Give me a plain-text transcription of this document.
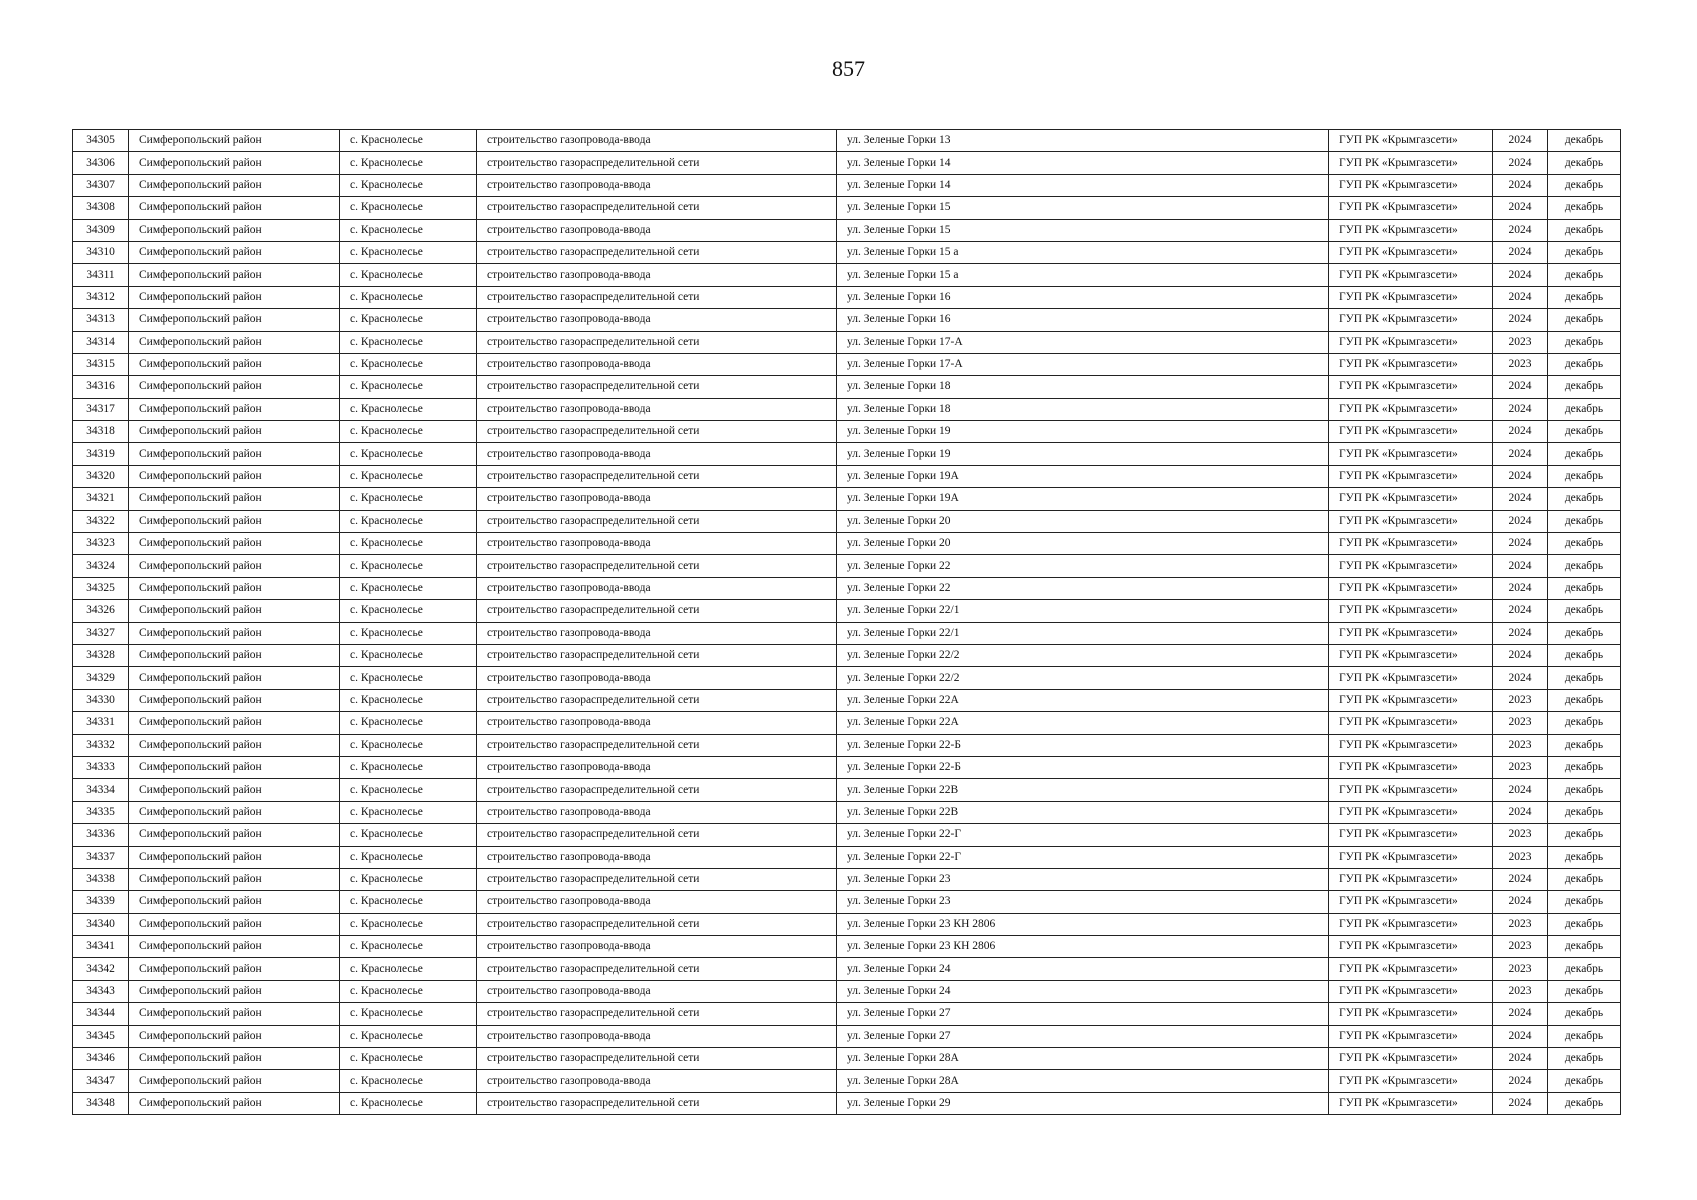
857
34305	Симферопольский район	с. Краснолесье	строительство газопровода-ввода	ул. Зеленые Горки 13	ГУП РК «Крымгазсети»	2024	декабрь
34306	Симферопольский район	с. Краснолесье	строительство газораспределительной сети	ул. Зеленые Горки 14	ГУП РК «Крымгазсети»	2024	декабрь
34307	Симферопольский район	с. Краснолесье	строительство газопровода-ввода	ул. Зеленые Горки 14	ГУП РК «Крымгазсети»	2024	декабрь
34308	Симферопольский район	с. Краснолесье	строительство газораспределительной сети	ул. Зеленые Горки 15	ГУП РК «Крымгазсети»	2024	декабрь
34309	Симферопольский район	с. Краснолесье	строительство газопровода-ввода	ул. Зеленые Горки 15	ГУП РК «Крымгазсети»	2024	декабрь
34310	Симферопольский район	с. Краснолесье	строительство газораспределительной сети	ул. Зеленые Горки 15 а	ГУП РК «Крымгазсети»	2024	декабрь
34311	Симферопольский район	с. Краснолесье	строительство газопровода-ввода	ул. Зеленые Горки 15 а	ГУП РК «Крымгазсети»	2024	декабрь
34312	Симферопольский район	с. Краснолесье	строительство газораспределительной сети	ул. Зеленые Горки 16	ГУП РК «Крымгазсети»	2024	декабрь
34313	Симферопольский район	с. Краснолесье	строительство газопровода-ввода	ул. Зеленые Горки 16	ГУП РК «Крымгазсети»	2024	декабрь
34314	Симферопольский район	с. Краснолесье	строительство газораспределительной сети	ул. Зеленые Горки 17-А	ГУП РК «Крымгазсети»	2023	декабрь
34315	Симферопольский район	с. Краснолесье	строительство газопровода-ввода	ул. Зеленые Горки 17-А	ГУП РК «Крымгазсети»	2023	декабрь
34316	Симферопольский район	с. Краснолесье	строительство газораспределительной сети	ул. Зеленые Горки 18	ГУП РК «Крымгазсети»	2024	декабрь
34317	Симферопольский район	с. Краснолесье	строительство газопровода-ввода	ул. Зеленые Горки 18	ГУП РК «Крымгазсети»	2024	декабрь
34318	Симферопольский район	с. Краснолесье	строительство газораспределительной сети	ул. Зеленые Горки 19	ГУП РК «Крымгазсети»	2024	декабрь
34319	Симферопольский район	с. Краснолесье	строительство газопровода-ввода	ул. Зеленые Горки 19	ГУП РК «Крымгазсети»	2024	декабрь
34320	Симферопольский район	с. Краснолесье	строительство газораспределительной сети	ул. Зеленые Горки 19А	ГУП РК «Крымгазсети»	2024	декабрь
34321	Симферопольский район	с. Краснолесье	строительство газопровода-ввода	ул. Зеленые Горки 19А	ГУП РК «Крымгазсети»	2024	декабрь
34322	Симферопольский район	с. Краснолесье	строительство газораспределительной сети	ул. Зеленые Горки 20	ГУП РК «Крымгазсети»	2024	декабрь
34323	Симферопольский район	с. Краснолесье	строительство газопровода-ввода	ул. Зеленые Горки 20	ГУП РК «Крымгазсети»	2024	декабрь
34324	Симферопольский район	с. Краснолесье	строительство газораспределительной сети	ул. Зеленые Горки 22	ГУП РК «Крымгазсети»	2024	декабрь
34325	Симферопольский район	с. Краснолесье	строительство газопровода-ввода	ул. Зеленые Горки 22	ГУП РК «Крымгазсети»	2024	декабрь
34326	Симферопольский район	с. Краснолесье	строительство газораспределительной сети	ул. Зеленые Горки 22/1	ГУП РК «Крымгазсети»	2024	декабрь
34327	Симферопольский район	с. Краснолесье	строительство газопровода-ввода	ул. Зеленые Горки 22/1	ГУП РК «Крымгазсети»	2024	декабрь
34328	Симферопольский район	с. Краснолесье	строительство газораспределительной сети	ул. Зеленые Горки 22/2	ГУП РК «Крымгазсети»	2024	декабрь
34329	Симферопольский район	с. Краснолесье	строительство газопровода-ввода	ул. Зеленые Горки 22/2	ГУП РК «Крымгазсети»	2024	декабрь
34330	Симферопольский район	с. Краснолесье	строительство газораспределительной сети	ул. Зеленые Горки 22А	ГУП РК «Крымгазсети»	2023	декабрь
34331	Симферопольский район	с. Краснолесье	строительство газопровода-ввода	ул. Зеленые Горки 22А	ГУП РК «Крымгазсети»	2023	декабрь
34332	Симферопольский район	с. Краснолесье	строительство газораспределительной сети	ул. Зеленые Горки 22-Б	ГУП РК «Крымгазсети»	2023	декабрь
34333	Симферопольский район	с. Краснолесье	строительство газопровода-ввода	ул. Зеленые Горки 22-Б	ГУП РК «Крымгазсети»	2023	декабрь
34334	Симферопольский район	с. Краснолесье	строительство газораспределительной сети	ул. Зеленые Горки 22В	ГУП РК «Крымгазсети»	2024	декабрь
34335	Симферопольский район	с. Краснолесье	строительство газопровода-ввода	ул. Зеленые Горки 22В	ГУП РК «Крымгазсети»	2024	декабрь
34336	Симферопольский район	с. Краснолесье	строительство газораспределительной сети	ул. Зеленые Горки 22-Г	ГУП РК «Крымгазсети»	2023	декабрь
34337	Симферопольский район	с. Краснолесье	строительство газопровода-ввода	ул. Зеленые Горки 22-Г	ГУП РК «Крымгазсети»	2023	декабрь
34338	Симферопольский район	с. Краснолесье	строительство газораспределительной сети	ул. Зеленые Горки 23	ГУП РК «Крымгазсети»	2024	декабрь
34339	Симферопольский район	с. Краснолесье	строительство газопровода-ввода	ул. Зеленые Горки 23	ГУП РК «Крымгазсети»	2024	декабрь
34340	Симферопольский район	с. Краснолесье	строительство газораспределительной сети	ул. Зеленые Горки 23 КН 2806	ГУП РК «Крымгазсети»	2023	декабрь
34341	Симферопольский район	с. Краснолесье	строительство газопровода-ввода	ул. Зеленые Горки 23 КН 2806	ГУП РК «Крымгазсети»	2023	декабрь
34342	Симферопольский район	с. Краснолесье	строительство газораспределительной сети	ул. Зеленые Горки 24	ГУП РК «Крымгазсети»	2023	декабрь
34343	Симферопольский район	с. Краснолесье	строительство газопровода-ввода	ул. Зеленые Горки 24	ГУП РК «Крымгазсети»	2023	декабрь
34344	Симферопольский район	с. Краснолесье	строительство газораспределительной сети	ул. Зеленые Горки 27	ГУП РК «Крымгазсети»	2024	декабрь
34345	Симферопольский район	с. Краснолесье	строительство газопровода-ввода	ул. Зеленые Горки 27	ГУП РК «Крымгазсети»	2024	декабрь
34346	Симферопольский район	с. Краснолесье	строительство газораспределительной сети	ул. Зеленые Горки 28А	ГУП РК «Крымгазсети»	2024	декабрь
34347	Симферопольский район	с. Краснолесье	строительство газопровода-ввода	ул. Зеленые Горки 28А	ГУП РК «Крымгазсети»	2024	декабрь
34348	Симферопольский район	с. Краснолесье	строительство газораспределительной сети	ул. Зеленые Горки 29	ГУП РК «Крымгазсети»	2024	декабрь
